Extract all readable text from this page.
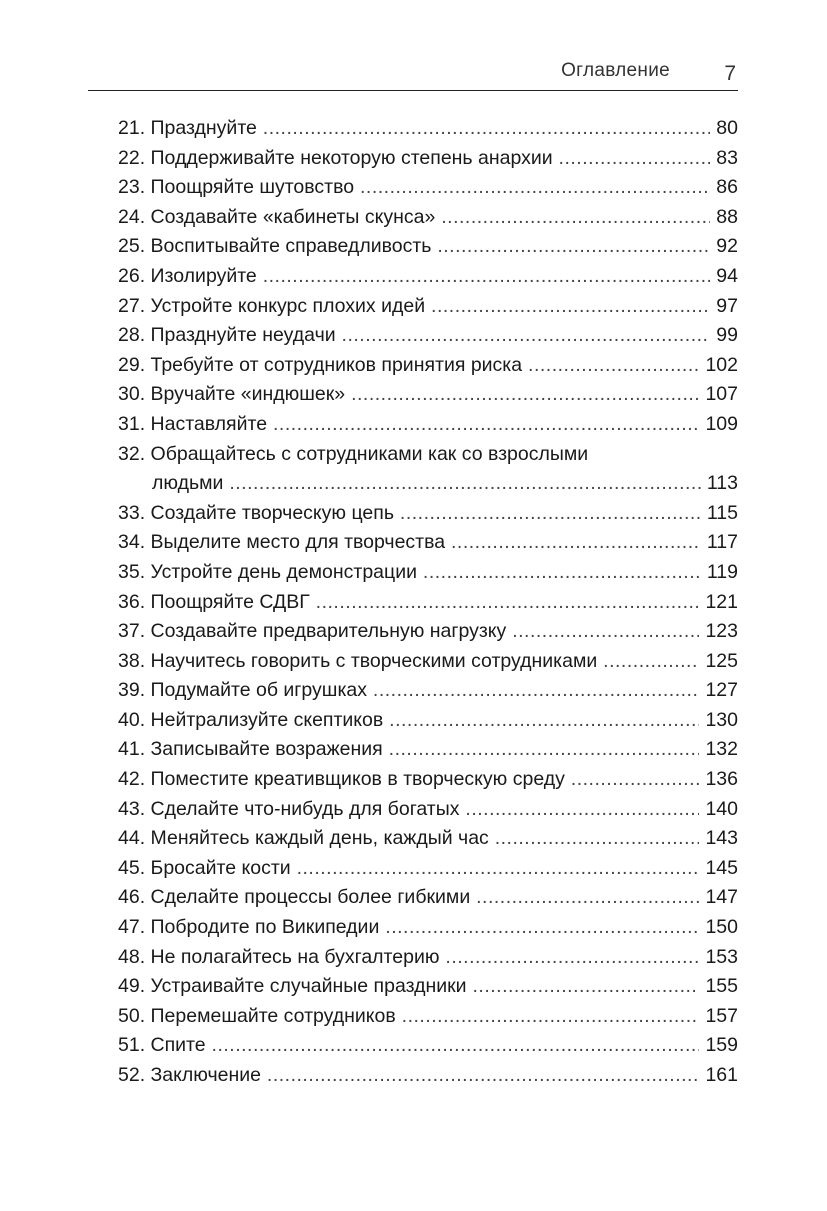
Оглавление	7
21. Празднуйте .....	80
22. Поддерживайте некоторую степень анархии .....	83
23. Поощряйте шутовство .....	86
24. Создавайте «кабинеты скунса» .....	88
25. Воспитывайте справедливость .....	92
26. Изолируйте .....	94
27. Устройте конкурс плохих идей .....	97
28. Празднуйте неудачи .....	99
29. Требуйте от сотрудников принятия риска .....	102
30. Вручайте «индюшек» .....	107
31. Наставляйте .....	109
32. Обращайтесь с сотрудниками как со взрослыми
людьми .....	113
33. Создайте творческую цепь .....	115
34. Выделите место для творчества .....	117
35. Устройте день демонстрации .....	119
36. Поощряйте СДВГ .....	121
37. Создавайте предварительную нагрузку .....	123
38. Научитесь говорить с творческими сотрудниками .....	125
39. Подумайте об игрушках .....	127
40. Нейтрализуйте скептиков .....	130
41. Записывайте возражения .....	132
42. Поместите креативщиков в творческую среду .....	136
43. Сделайте что-нибудь для богатых .....	140
44. Меняйтесь каждый день, каждый час .....	143
45. Бросайте кости .....	145
46. Сделайте процессы более гибкими .....	147
47. Побродите по Википедии .....	150
48. Не полагайтесь на бухгалтерию .....	153
49. Устраивайте случайные праздники .....	155
50. Перемешайте сотрудников .....	157
51. Спите .....	159
52. Заключение .....	161
